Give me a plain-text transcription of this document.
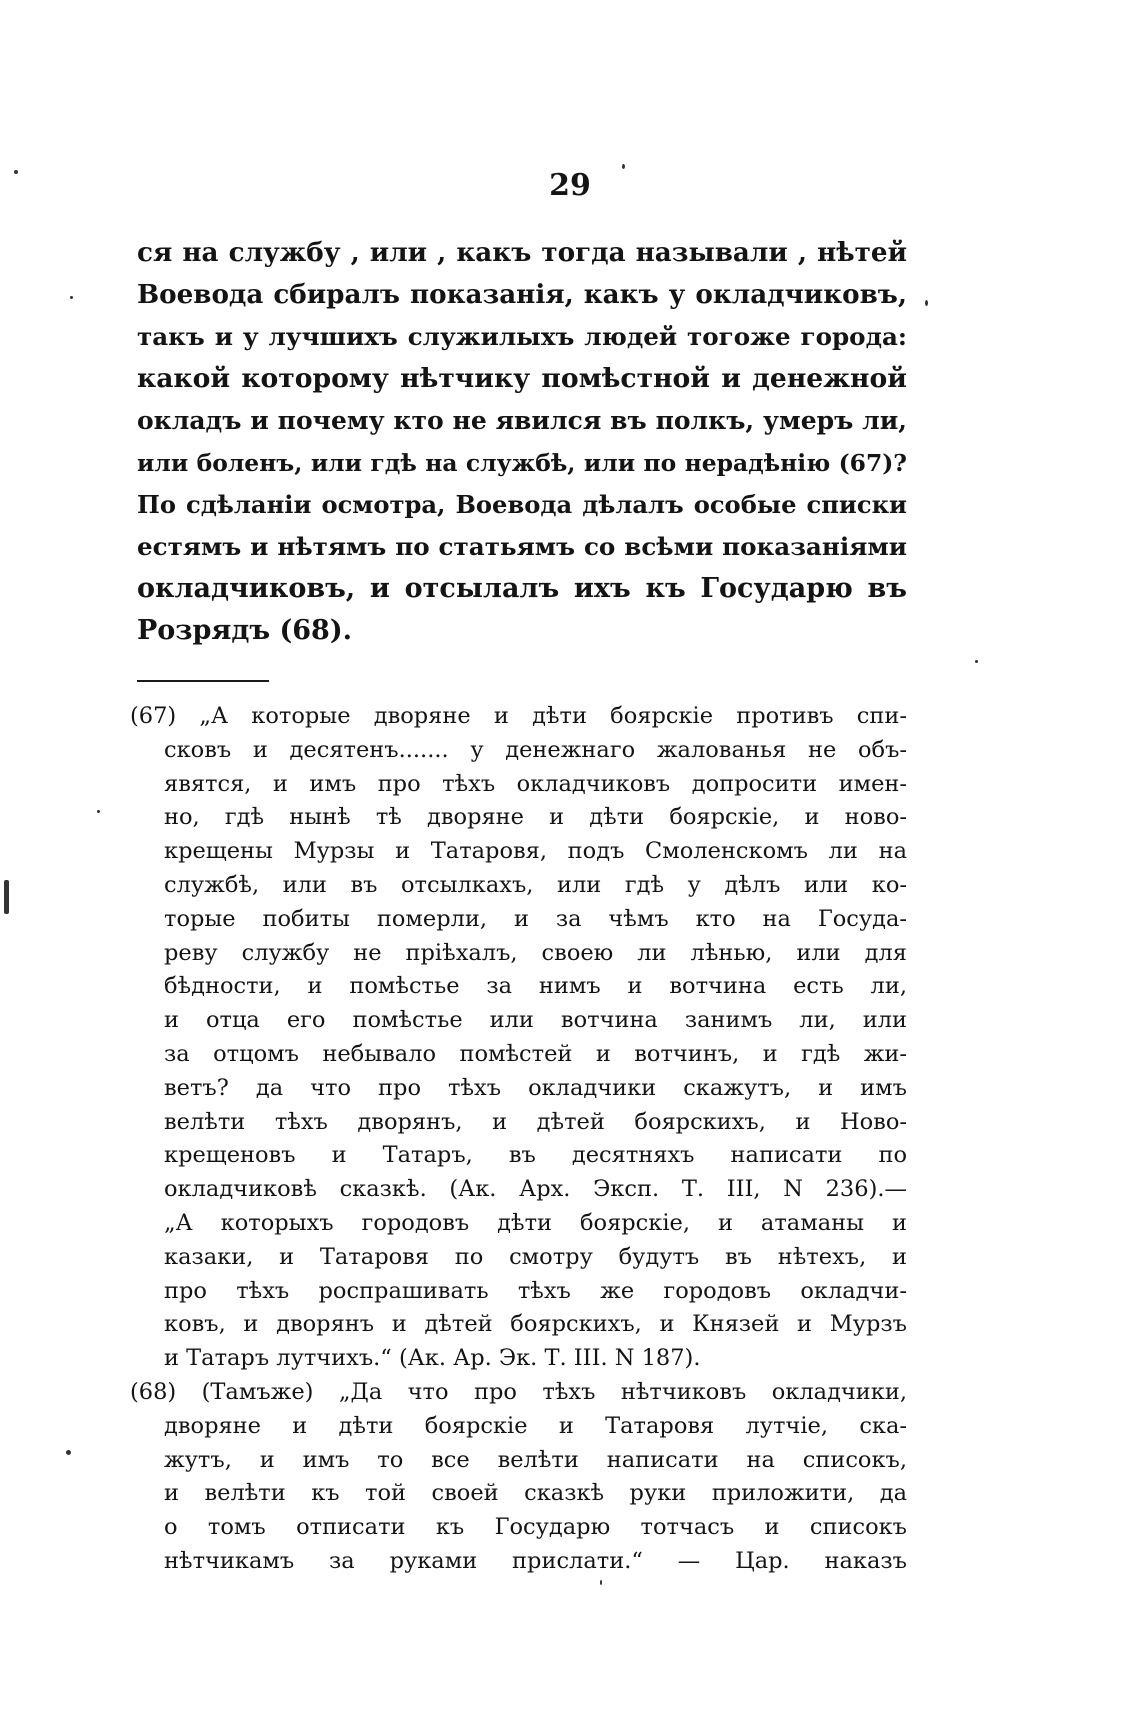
29
ся на службу , или , какъ тогда называли , нѣтей
Воевода сбиралъ показанія, какъ у окладчиковъ,
такъ и у лучшихъ служилыхъ людей тогоже города:
какой которому нѣтчику помѣстной и денежной
окладъ и почему кто не явился въ полкъ, умеръ ли,
или боленъ, или гдѣ на службѣ, или по нерадѣнію (67)?
По сдѣланіи осмотра, Воевода дѣлалъ особые списки
естямъ и нѣтямъ по статьямъ со всѣми показаніями
окладчиковъ, и отсылалъ ихъ къ Государю въ
Розрядъ (68).
(67) „А которые дворяне и дѣти боярскіе противъ спи-
сковъ и десятенъ....... у денежнаго жалованья не объ-
явятся, и имъ про тѣхъ окладчиковъ допросити имен-
но, гдѣ нынѣ тѣ дворяне и дѣти боярскіе, и ново-
крещены Мурзы и Татаровя, подъ Смоленскомъ ли на
службѣ, или въ отсылкахъ, или гдѣ у дѣлъ или ко-
торые побиты померли, и за чѣмъ кто на Госуда-
реву службу не пріѣхалъ, своею ли лѣнью, или для
бѣдности, и помѣстье за нимъ и вотчина есть ли,
и отца его помѣстье или вотчина занимъ ли, или
за отцомъ небывало помѣстей и вотчинъ, и гдѣ жи-
ветъ? да что про тѣхъ окладчики скажутъ, и имъ
велѣти тѣхъ дворянъ, и дѣтей боярскихъ, и Ново-
крещеновъ и Татаръ, въ десятняхъ написати по
окладчиковѣ сказкѣ. (Ак. Арх. Эксп. Т. III, N 236).—
„А которыхъ городовъ дѣти боярскіе, и атаманы и
казаки, и Татаровя по смотру будутъ въ нѣтехъ, и
про тѣхъ роспрашивать тѣхъ же городовъ окладчи-
ковъ, и дворянъ и дѣтей боярскихъ, и Князей и Мурзъ
и Татаръ лутчихъ.“ (Ак. Ар. Эк. Т. III. N 187).
(68) (Тамъже) „Да что про тѣхъ нѣтчиковъ окладчики,
дворяне и дѣти боярскіе и Татаровя лутчіе, ска-
жутъ, и имъ то все велѣти написати на списокъ,
и велѣти къ той своей сказкѣ руки приложити, да
о томъ отписати къ Государю тотчасъ и списокъ
нѣтчикамъ за руками прислати.“ — Цар. наказъ
